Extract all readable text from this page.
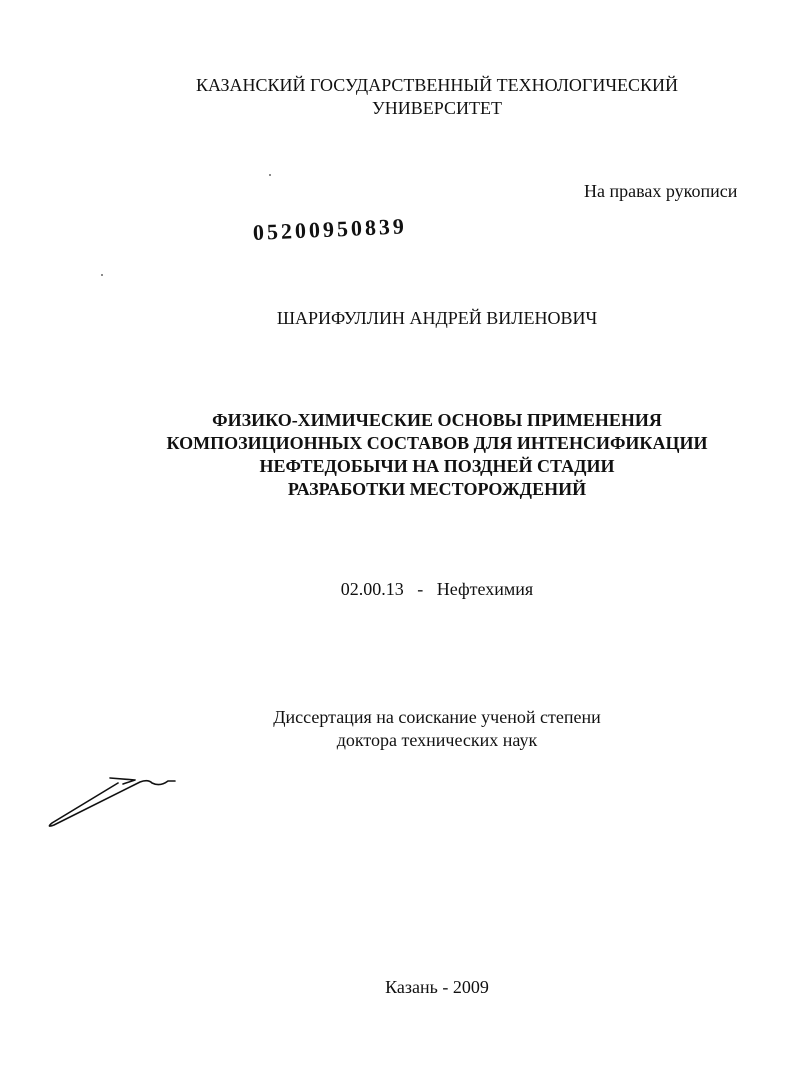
КАЗАНСКИЙ ГОСУДАРСТВЕННЫЙ ТЕХНОЛОГИЧЕСКИЙ
УНИВЕРСИТЕТ
На правах рукописи
05200950839
ШАРИФУЛЛИН АНДРЕЙ ВИЛЕНОВИЧ
ФИЗИКО-ХИМИЧЕСКИЕ ОСНОВЫ ПРИМЕНЕНИЯ
КОМПОЗИЦИОННЫХ СОСТАВОВ ДЛЯ ИНТЕНСИФИКАЦИИ
НЕФТЕДОБЫЧИ НА ПОЗДНЕЙ СТАДИИ
РАЗРАБОТКИ МЕСТОРОЖДЕНИЙ
02.00.13   -   Нефтехимия
Диссертация на соискание ученой степени
доктора технических наук
Казань - 2009
